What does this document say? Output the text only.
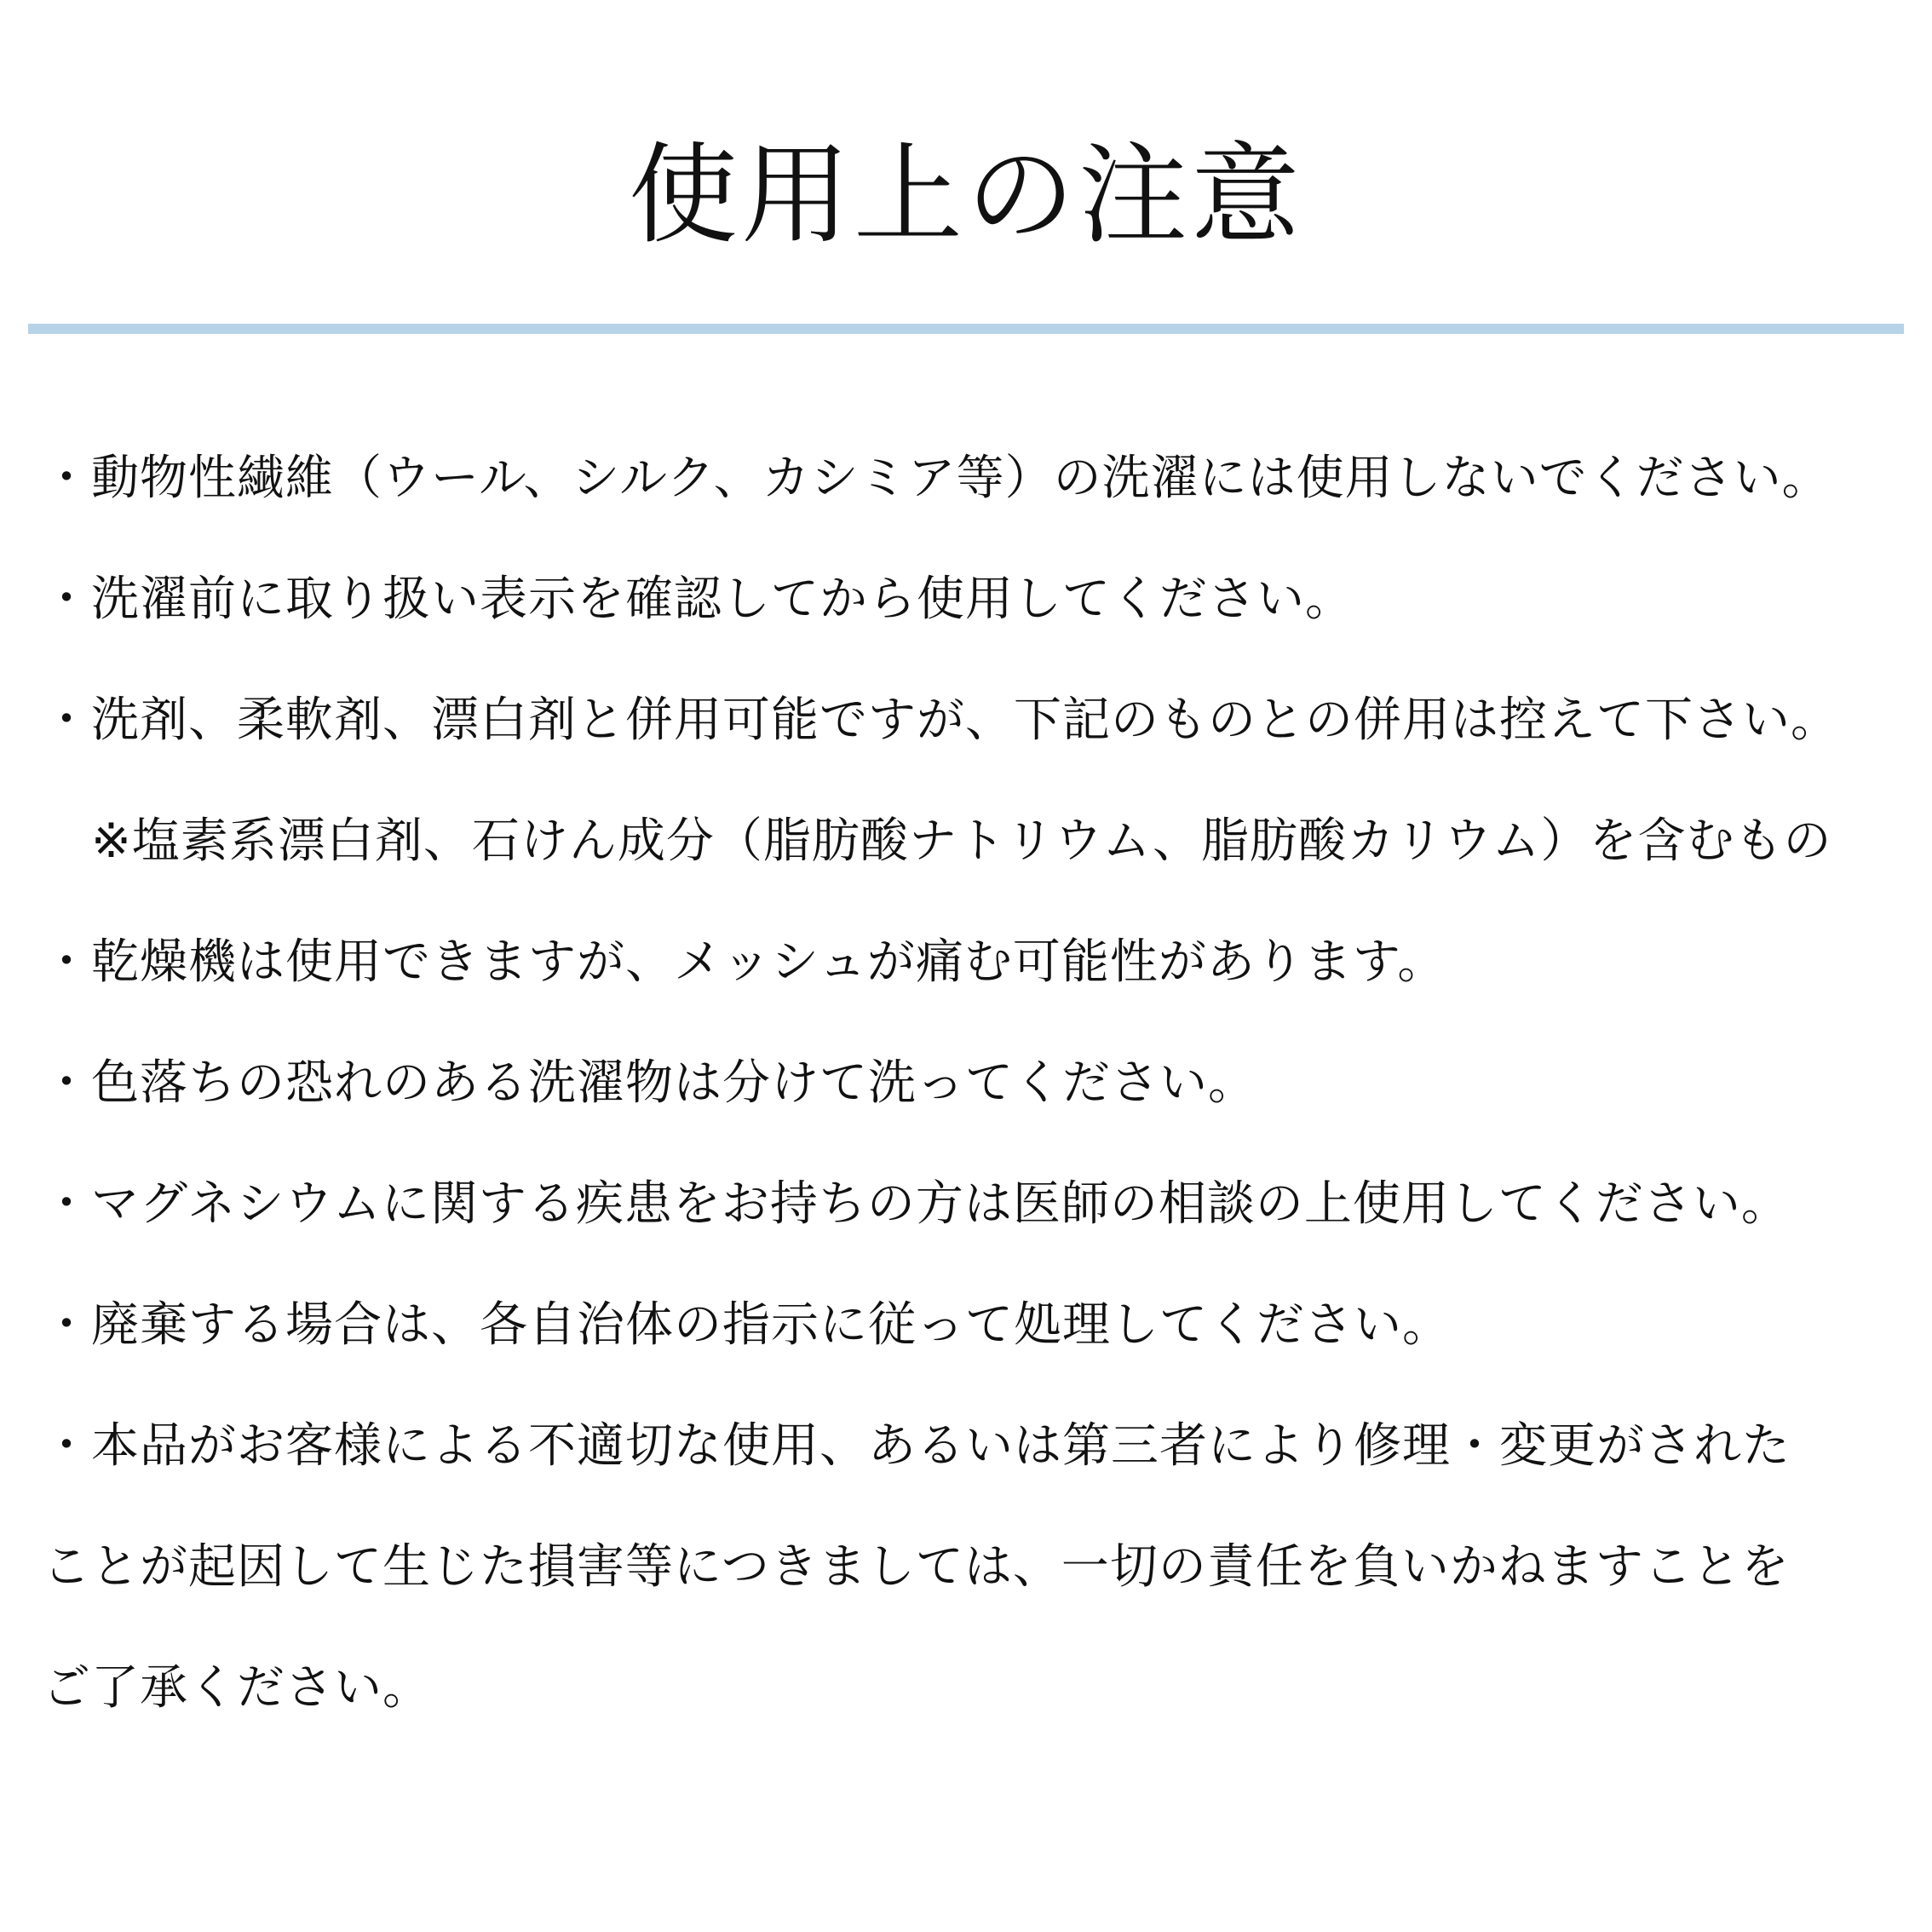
使用上の注意

・動物性繊維（ウール、シルク、カシミア等）の洗濯には使用しないでください。

・洗濯前に取り扱い表示を確認してから使用してください。

・洗剤、柔軟剤、漂白剤と併用可能ですが、下記のものとの併用は控えて下さい。

　※塩素系漂白剤、石けん成分（脂肪酸ナトリウム、脂肪酸カリウム）を含むもの

・乾燥機は使用できますが、メッシュが痛む可能性があります。

・色落ちの恐れのある洗濯物は分けて洗ってください。

・マグネシウムに関する疾患をお持ちの方は医師の相談の上使用してください。

・廃棄する場合は、各自治体の指示に従って処理してください。

・本品がお客様による不適切な使用、あるいは第三者により修理・変更がされた

ことが起因して生じた損害等につきましては、一切の責任を負いかねますことを

ご了承ください。
